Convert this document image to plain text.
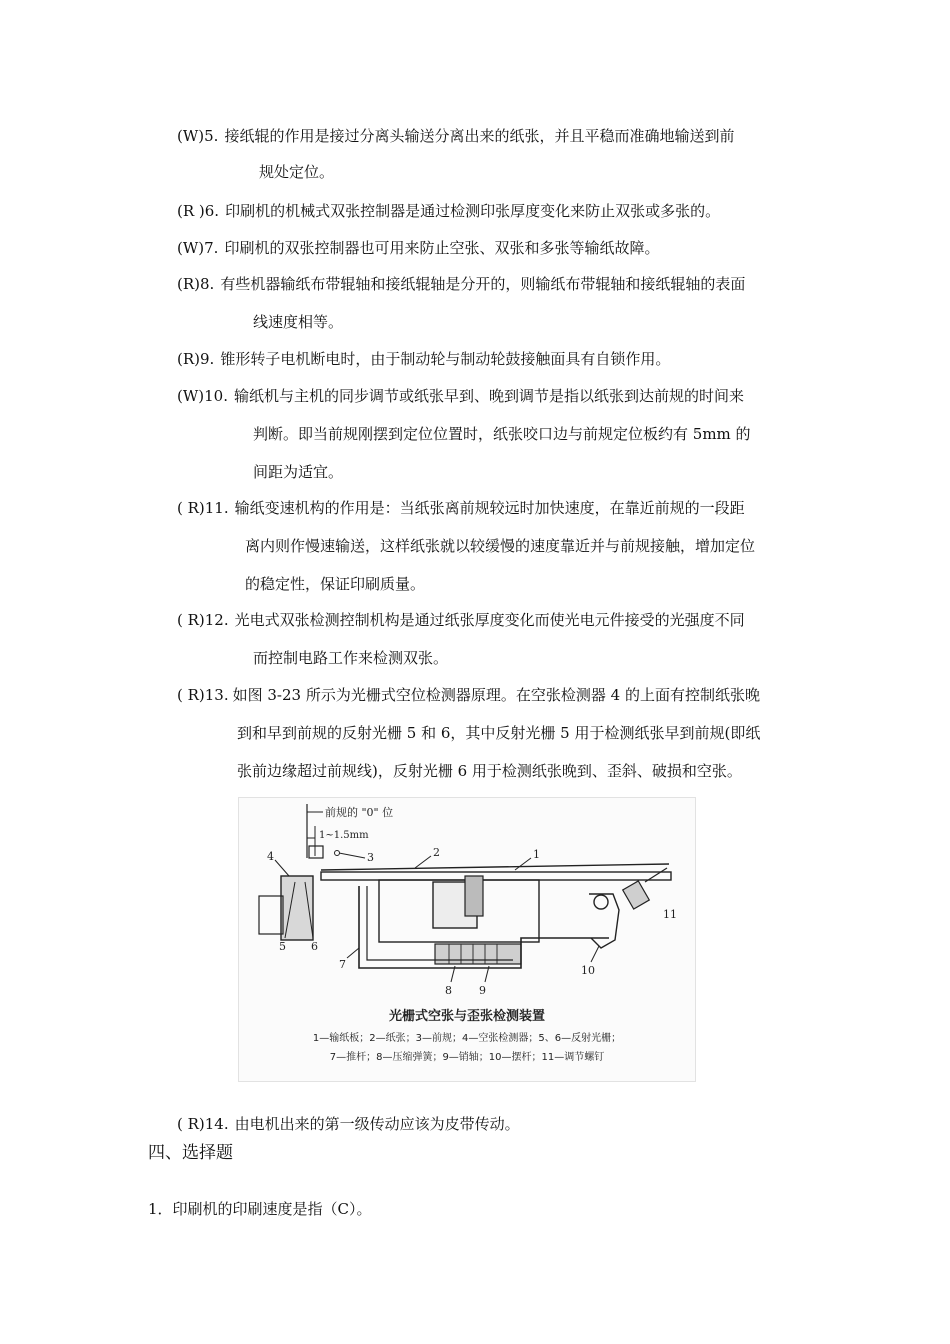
(W)5. 接纸辊的作用是接过分离头输送分离出来的纸张，并且平稳而准确地输送到前
规处定位。
(R )6. 印刷机的机械式双张控制器是通过检测印张厚度变化来防止双张或多张的。
(W)7. 印刷机的双张控制器也可用来防止空张、双张和多张等输纸故障。
(R)8. 有些机器输纸布带辊轴和接纸辊轴是分开的，则输纸布带辊轴和接纸辊轴的表面
线速度相等。
(R)9. 锥形转子电机断电时，由于制动轮与制动轮鼓接触面具有自锁作用。
(W)10. 输纸机与主机的同步调节或纸张早到、晚到调节是指以纸张到达前规的时间来
判断。即当前规刚摆到定位位置时，纸张咬口边与前规定位板约有 5mm 的
间距为适宜。
( R)11. 输纸变速机构的作用是：当纸张离前规较远时加快速度，在靠近前规的一段距
离内则作慢速输送，这样纸张就以较缓慢的速度靠近并与前规接触，增加定位
的稳定性，保证印刷质量。
( R)12. 光电式双张检测控制机构是通过纸张厚度变化而使光电元件接受的光强度不同
而控制电路工作来检测双张。
( R)13. 如图 3-23 所示为光栅式空位检测器原理。在空张检测器 4 的上面有控制纸张晚
到和早到前规的反射光栅 5 和 6，其中反射光栅 5 用于检测纸张早到前规(即纸
张前边缘超过前规线)，反射光栅 6 用于检测纸张晚到、歪斜、破损和空张。
前规的 "0" 位
1~1.5mm
3	2	1
4
5 6
8 9
7	10
11
光栅式空张与歪张检测装置
1—输纸板；2—纸张；3—前规；4—空张检测器；5、6—反射光栅；
7—推杆；8—压缩弹簧；9—销轴；10—摆杆；11—调节螺钉
( R)14. 由电机出来的第一级传动应该为皮带传动。
四、选择题
1．印刷机的印刷速度是指（C）。
